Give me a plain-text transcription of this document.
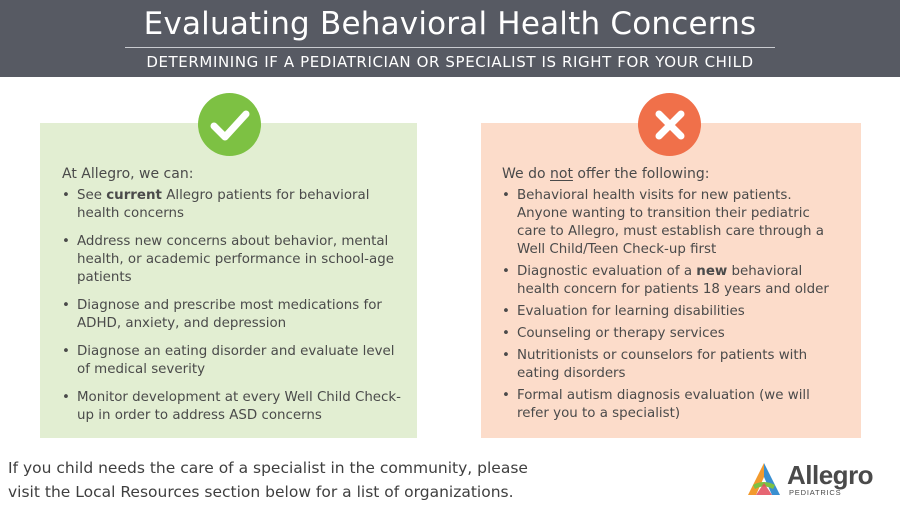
Evaluating Behavioral Health Concerns
DETERMINING IF A PEDIATRICIAN OR SPECIALIST IS RIGHT FOR YOUR CHILD
At Allegro, we can:
• See current Allegro patients for behavioral health concerns
• Address new concerns about behavior, mental health, or academic performance in school-age patients
• Diagnose and prescribe most medications for ADHD, anxiety, and depression
• Diagnose an eating disorder and evaluate level of medical severity
• Monitor development at every Well Child Check-up in order to address ASD concerns
We do not offer the following:
• Behavioral health visits for new patients. Anyone wanting to transition their pediatric care to Allegro, must establish care through a Well Child/Teen Check-up first
• Diagnostic evaluation of a new behavioral health concern for patients 18 years and older
• Evaluation for learning disabilities
• Counseling or therapy services
• Nutritionists or counselors for patients with eating disorders
• Formal autism diagnosis evaluation (we will refer you to a specialist)
If you child needs the care of a specialist in the community, please
visit the Local Resources section below for a list of organizations.
Allegro
PEDIATRICS
